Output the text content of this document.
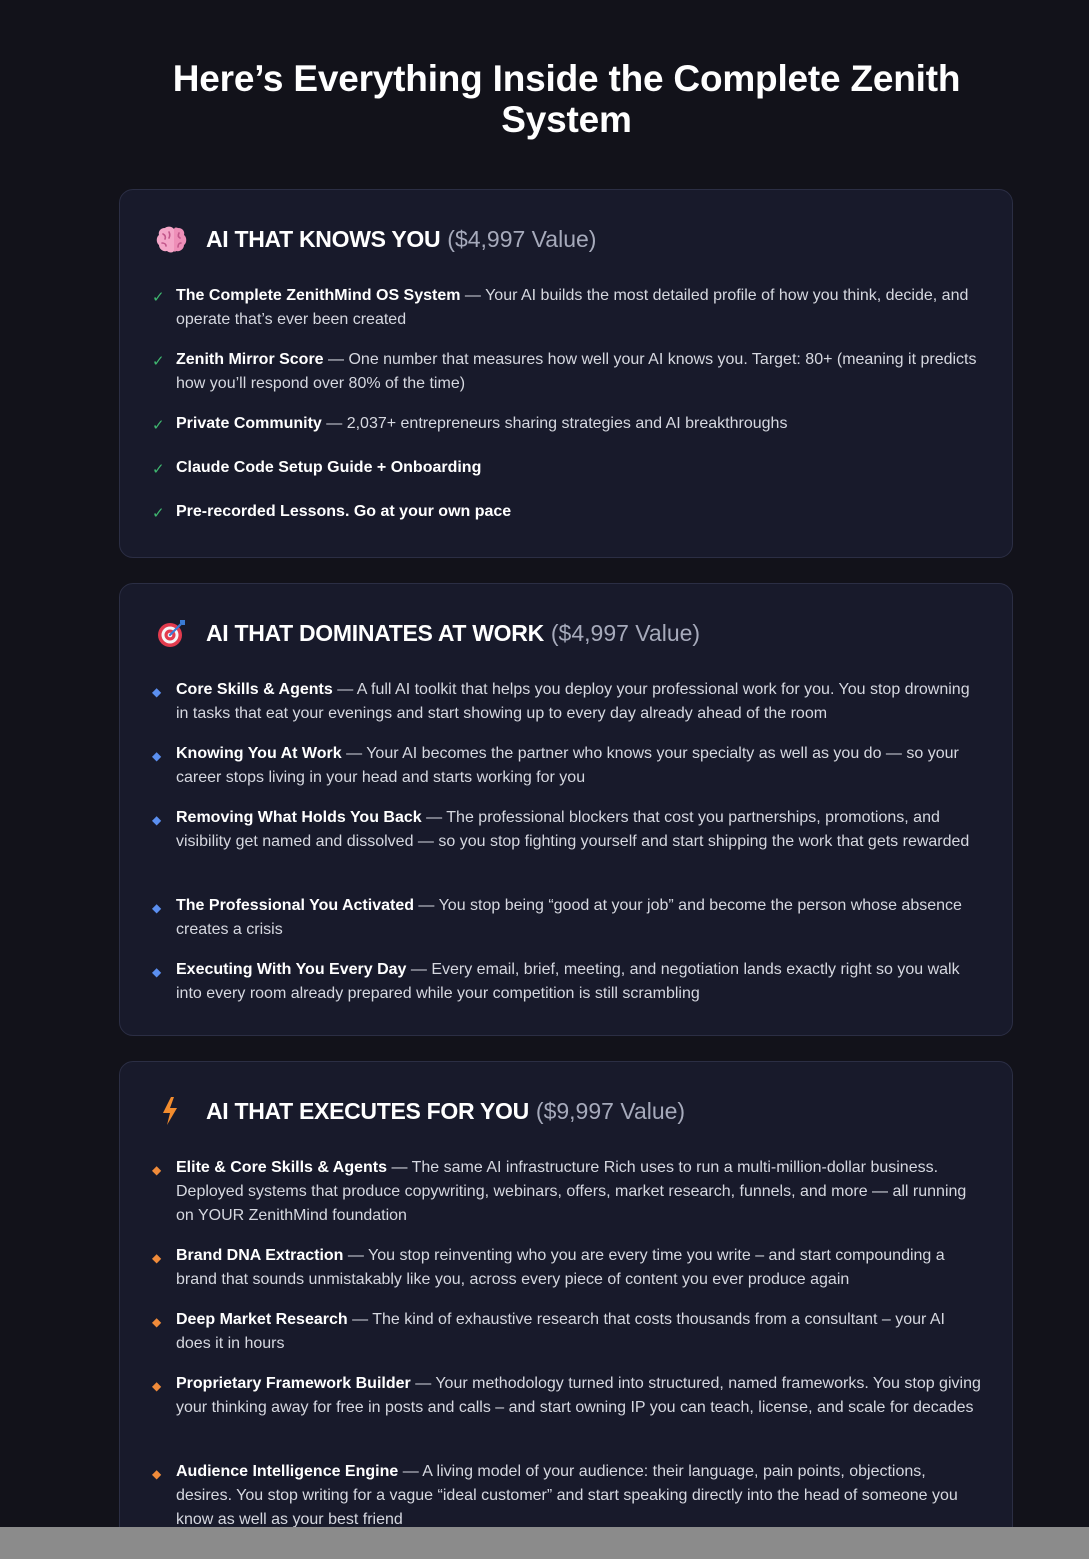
Here’s Everything Inside the Complete Zenith System
AI THAT KNOWS YOU ($4,997 Value)
✓ The Complete ZenithMind OS System — Your AI builds the most detailed profile of how you think, decide, and operate that’s ever been created
✓ Zenith Mirror Score — One number that measures how well your AI knows you. Target: 80+ (meaning it predicts how you’ll respond over 80% of the time)
✓ Private Community — 2,037+ entrepreneurs sharing strategies and AI breakthroughs
✓ Claude Code Setup Guide + Onboarding
✓ Pre-recorded Lessons. Go at your own pace
AI THAT DOMINATES AT WORK ($4,997 Value)
◆ Core Skills & Agents — A full AI toolkit that helps you deploy your professional work for you. You stop drowning in tasks that eat your evenings and start showing up to every day already ahead of the room
◆ Knowing You At Work — Your AI becomes the partner who knows your specialty as well as you do — so your career stops living in your head and starts working for you
◆ Removing What Holds You Back — The professional blockers that cost you partnerships, promotions, and visibility get named and dissolved — so you stop fighting yourself and start shipping the work that gets rewarded
◆ The Professional You Activated — You stop being “good at your job” and become the person whose absence creates a crisis
◆ Executing With You Every Day — Every email, brief, meeting, and negotiation lands exactly right so you walk into every room already prepared while your competition is still scrambling
AI THAT EXECUTES FOR YOU ($9,997 Value)
◆ Elite & Core Skills & Agents — The same AI infrastructure Rich uses to run a multi-million-dollar business. Deployed systems that produce copywriting, webinars, offers, market research, funnels, and more — all running on YOUR ZenithMind foundation
◆ Brand DNA Extraction — You stop reinventing who you are every time you write – and start compounding a brand that sounds unmistakably like you, across every piece of content you ever produce again
◆ Deep Market Research — The kind of exhaustive research that costs thousands from a consultant – your AI does it in hours
◆ Proprietary Framework Builder — Your methodology turned into structured, named frameworks. You stop giving your thinking away for free in posts and calls – and start owning IP you can teach, license, and scale for decades
◆ Audience Intelligence Engine — A living model of your audience: their language, pain points, objections, desires. You stop writing for a vague “ideal customer” and start speaking directly into the head of someone you know as well as your best friend
